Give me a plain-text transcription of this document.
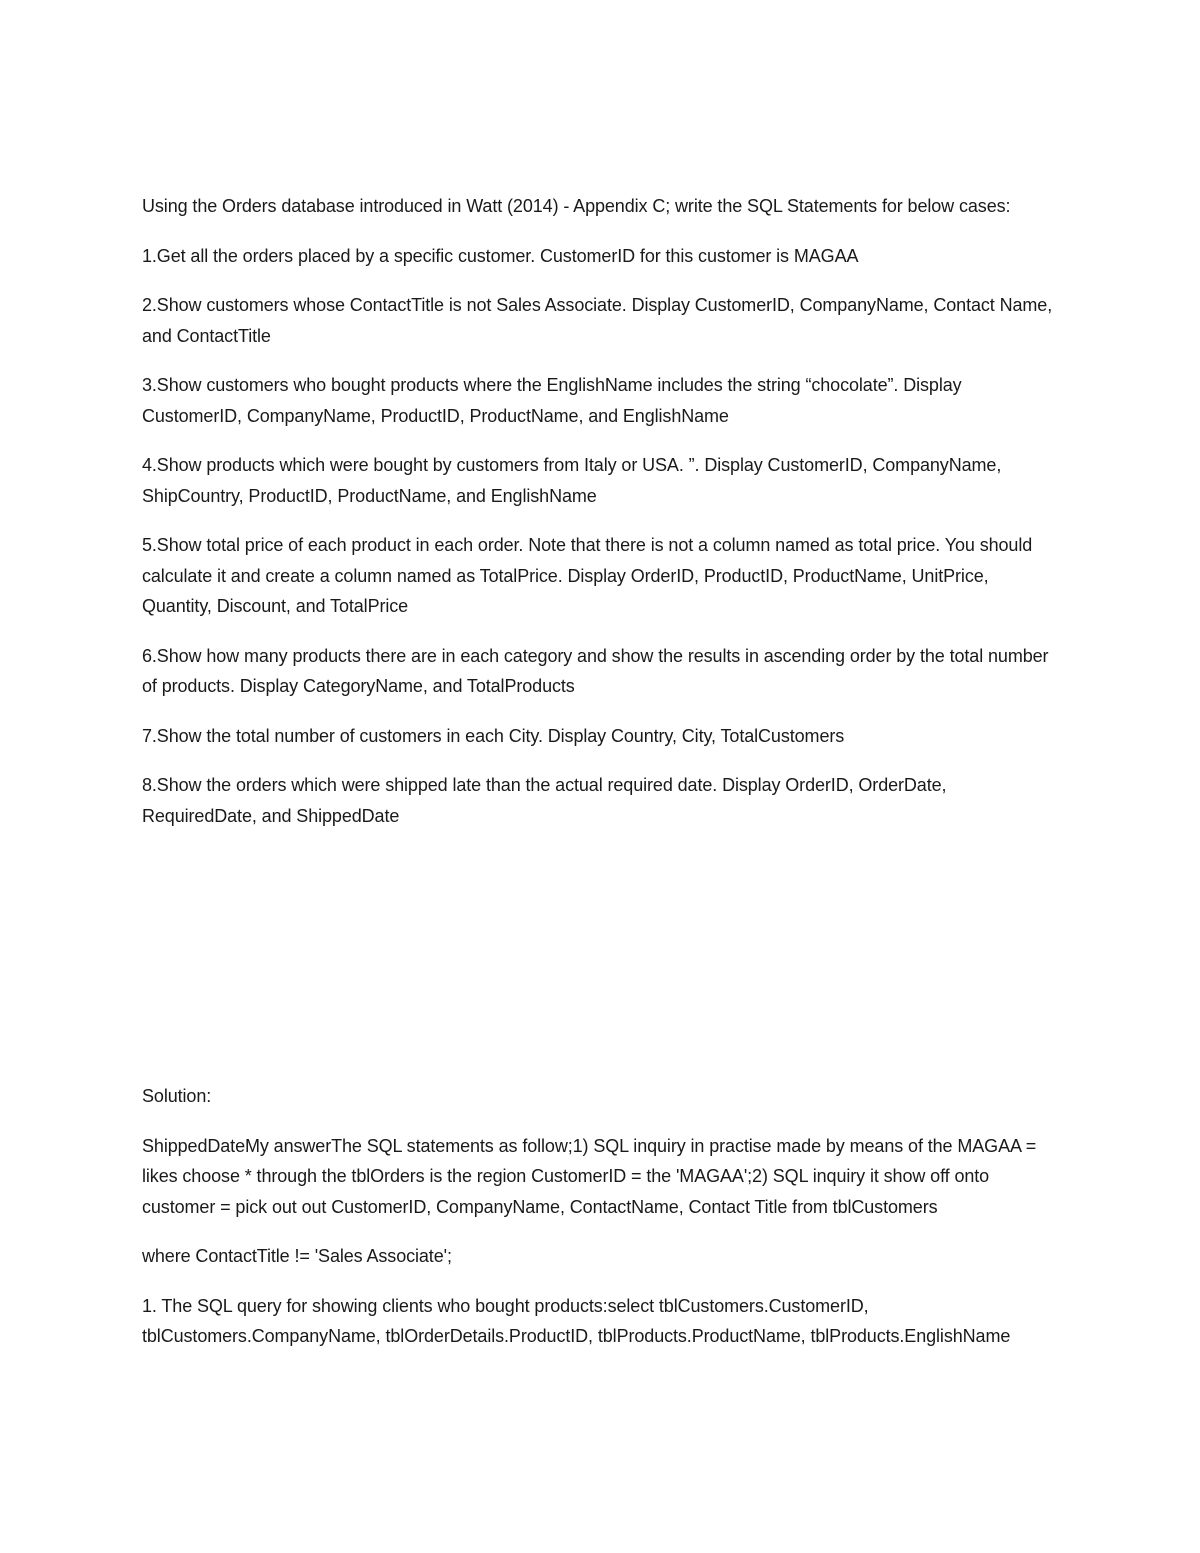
Using the Orders database introduced in Watt (2014) - Appendix C; write the SQL Statements for below cases:

1.Get all the orders placed by a specific customer. CustomerID for this customer is MAGAA

2.Show customers whose ContactTitle is not Sales Associate. Display CustomerID, CompanyName, Contact Name, and ContactTitle

3.Show customers who bought products where the EnglishName includes the string “chocolate”. Display CustomerID, CompanyName, ProductID, ProductName, and EnglishName

4.Show products which were bought by customers from Italy or USA. ”. Display CustomerID, CompanyName, ShipCountry, ProductID, ProductName, and EnglishName

5.Show total price of each product in each order. Note that there is not a column named as total price. You should calculate it and create a column named as TotalPrice. Display OrderID, ProductID, ProductName, UnitPrice, Quantity, Discount, and TotalPrice

6.Show how many products there are in each category and show the results in ascending order by the total number of products. Display CategoryName, and TotalProducts

7.Show the total number of customers in each City. Display Country, City, TotalCustomers

8.Show the orders which were shipped late than the actual required date. Display OrderID, OrderDate, RequiredDate, and ShippedDate

Solution:

ShippedDateMy answerThe SQL statements as follow;1) SQL inquiry in practise made by means of the MAGAA = likes choose * through the tblOrders is the region CustomerID = the 'MAGAA';2) SQL inquiry it show off onto customer = pick out out CustomerID, CompanyName, ContactName, Contact Title from tblCustomers

where ContactTitle != 'Sales Associate';

1. The SQL query for showing clients who bought products:select tblCustomers.CustomerID, tblCustomers.CompanyName, tblOrderDetails.ProductID, tblProducts.ProductName, tblProducts.EnglishName
